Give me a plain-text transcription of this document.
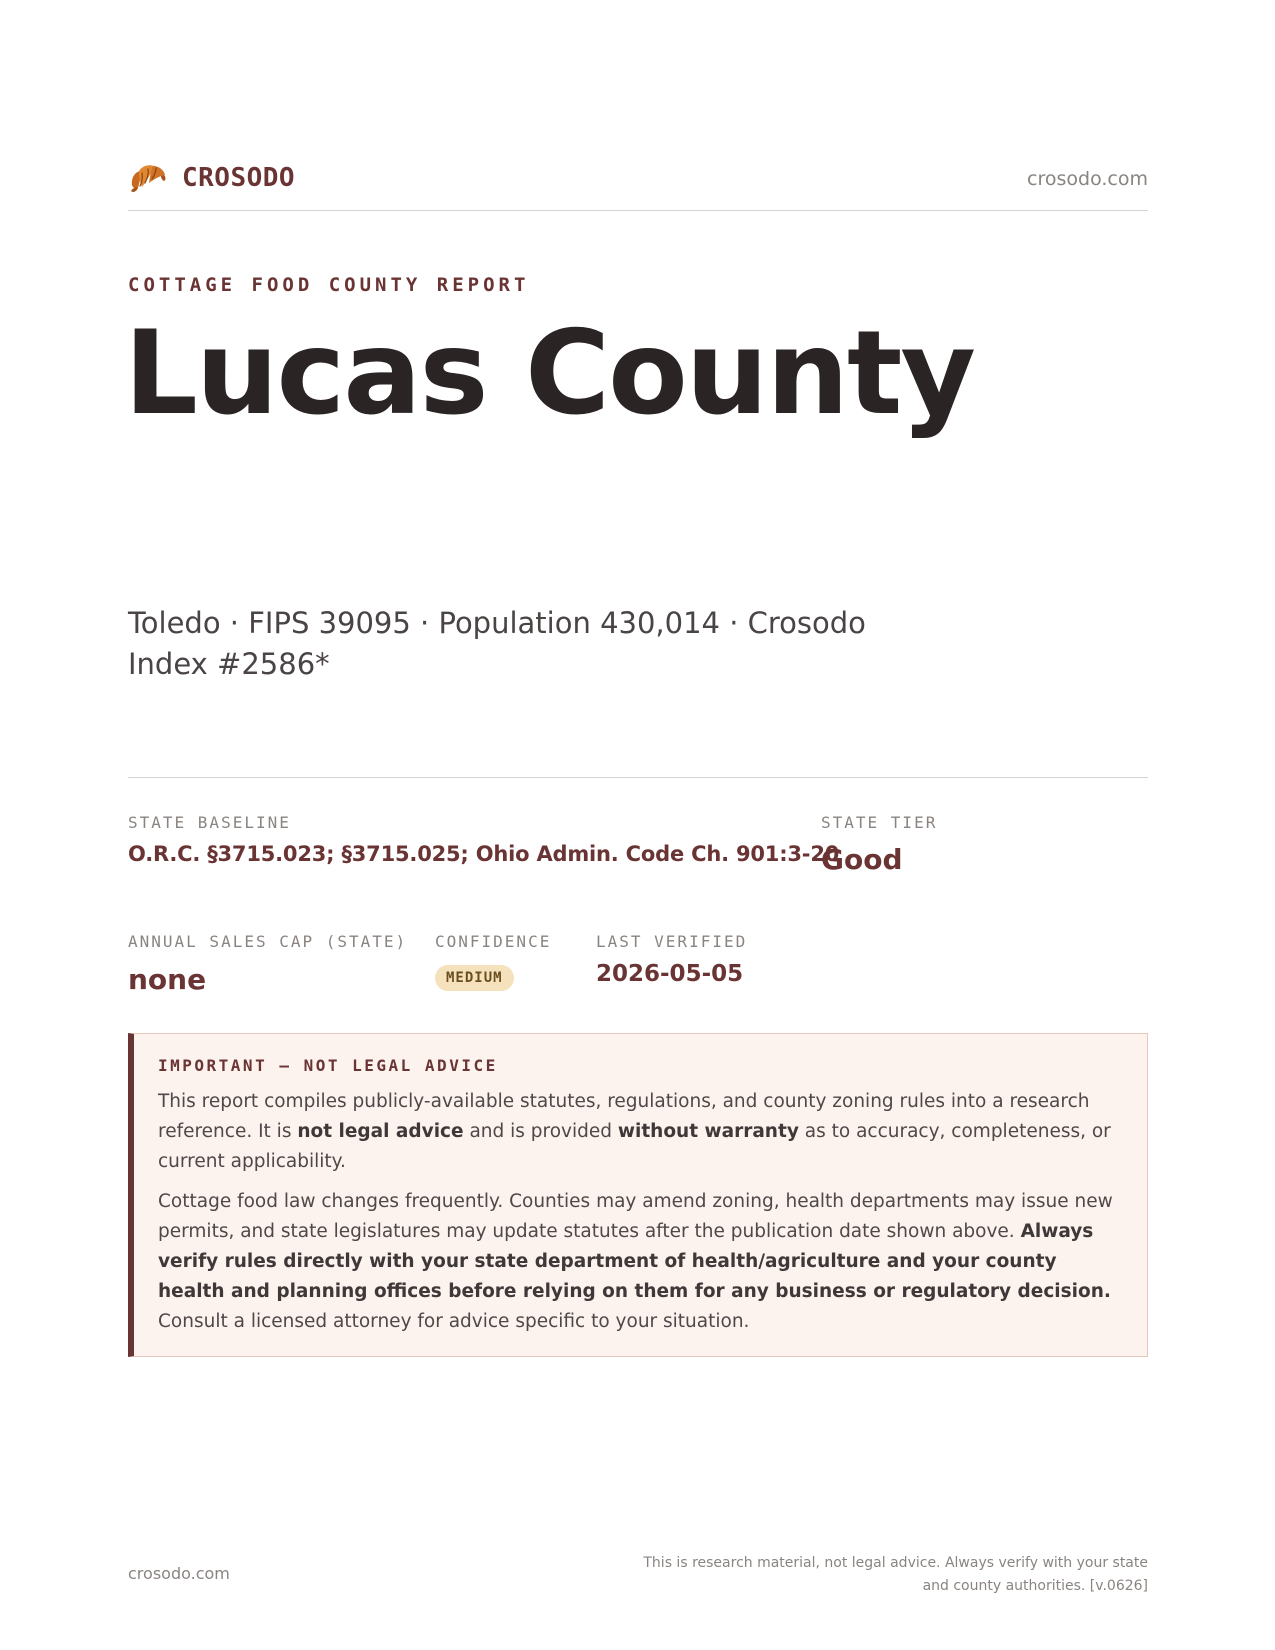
CROSODO	crosodo.com
COTTAGE FOOD COUNTY REPORT
Lucas County
Toledo · FIPS 39095 · Population 430,014 · Crosodo Index #2586*
STATE BASELINE
O.R.C. §3715.023; §3715.025; Ohio Admin. Code Ch. 901:3-20
STATE TIER
Good
ANNUAL SALES CAP (STATE)
none
CONFIDENCE
MEDIUM
LAST VERIFIED
2026-05-05
IMPORTANT — NOT LEGAL ADVICE

This report compiles publicly-available statutes, regulations, and county zoning rules into a research reference. It is not legal advice and is provided without warranty as to accuracy, completeness, or current applicability.

Cottage food law changes frequently. Counties may amend zoning, health departments may issue new permits, and state legislatures may update statutes after the publication date shown above. Always verify rules directly with your state department of health/agriculture and your county health and planning offices before relying on them for any business or regulatory decision. Consult a licensed attorney for advice specific to your situation.

crosodo.com
This is research material, not legal advice. Always verify with your state
and county authorities. [v.0626]
